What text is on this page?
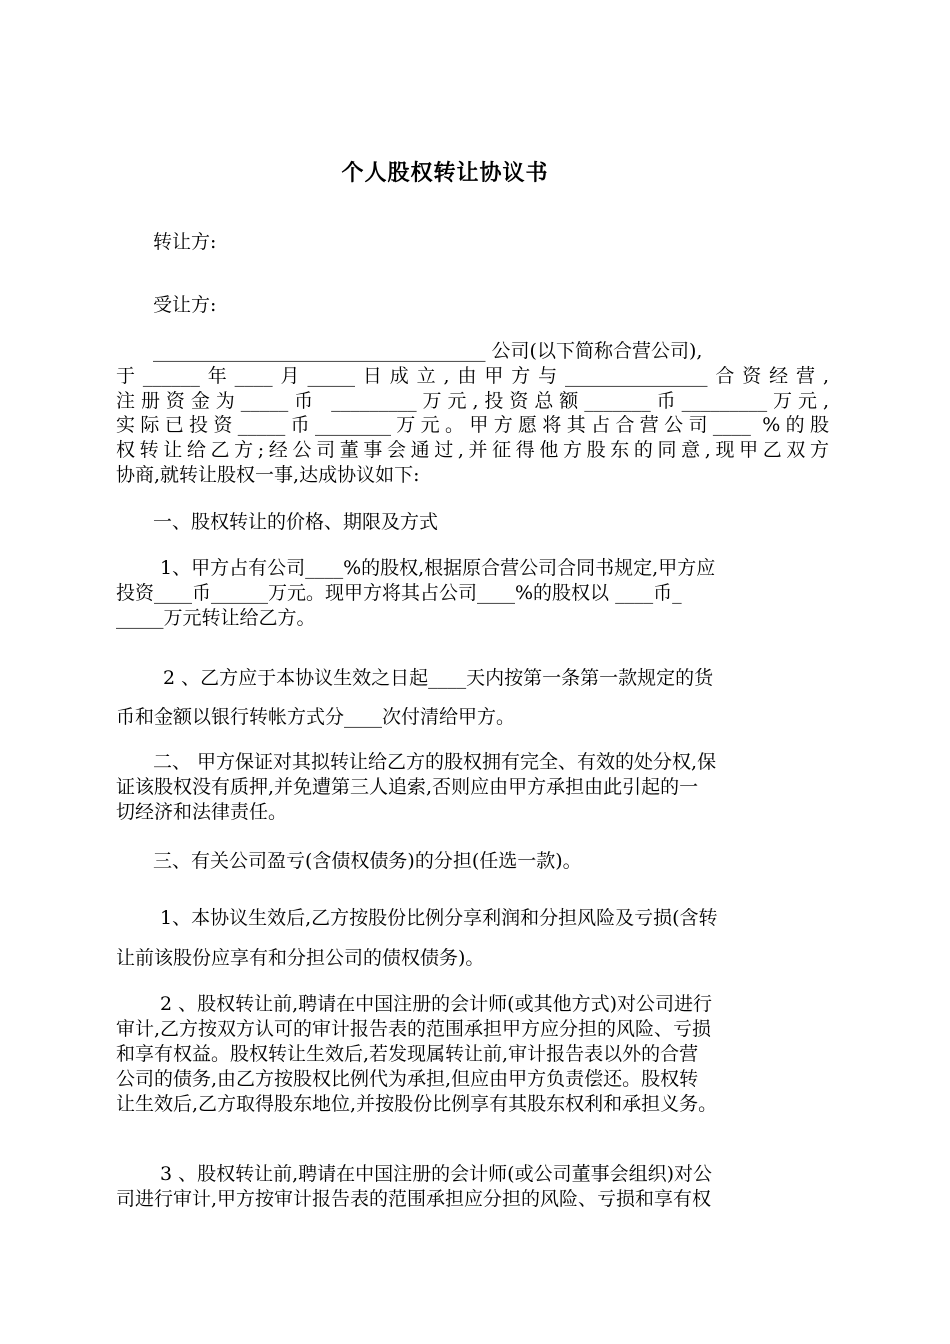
个人股权转让协议书
转让方:
受让方:
___________________________________ 公司(以下简称合营公司),
于______年____月_____日成立,由甲方与_______________合资经营,
注册资金为_____币 _________万元,投资总额_______币_________万元,
实际已投资_____币________万元。甲方愿将其占合营公司____ %的股
权转让给乙方;经公司董事会通过,并征得他方股东的同意,现甲乙双方
协商,就转让股权一事,达成协议如下:
一、股权转让的价格、期限及方式
1、甲方占有公司____%的股权,根据原合营公司合同书规定,甲方应
投资____币______万元。现甲方将其占公司____%的股权以 ____币_
_____万元转让给乙方。
2 、乙方应于本协议生效之日起____天内按第一条第一款规定的货
币和金额以银行转帐方式分____次付清给甲方。
二、 甲方保证对其拟转让给乙方的股权拥有完全、有效的处分权,保
证该股权没有质押,并免遭第三人追索,否则应由甲方承担由此引起的一
切经济和法律责任。
三、有关公司盈亏(含债权债务)的分担(任选一款)。
1、本协议生效后,乙方按股份比例分享利润和分担风险及亏损(含转
让前该股份应享有和分担公司的债权债务)。
2 、股权转让前,聘请在中国注册的会计师(或其他方式)对公司进行
审计,乙方按双方认可的审计报告表的范围承担甲方应分担的风险、亏损
和享有权益。股权转让生效后,若发现属转让前,审计报告表以外的合营
公司的债务,由乙方按股权比例代为承担,但应由甲方负责偿还。股权转
让生效后,乙方取得股东地位,并按股份比例享有其股东权利和承担义务。
3 、股权转让前,聘请在中国注册的会计师(或公司董事会组织)对公
司进行审计,甲方按审计报告表的范围承担应分担的风险、亏损和享有权
